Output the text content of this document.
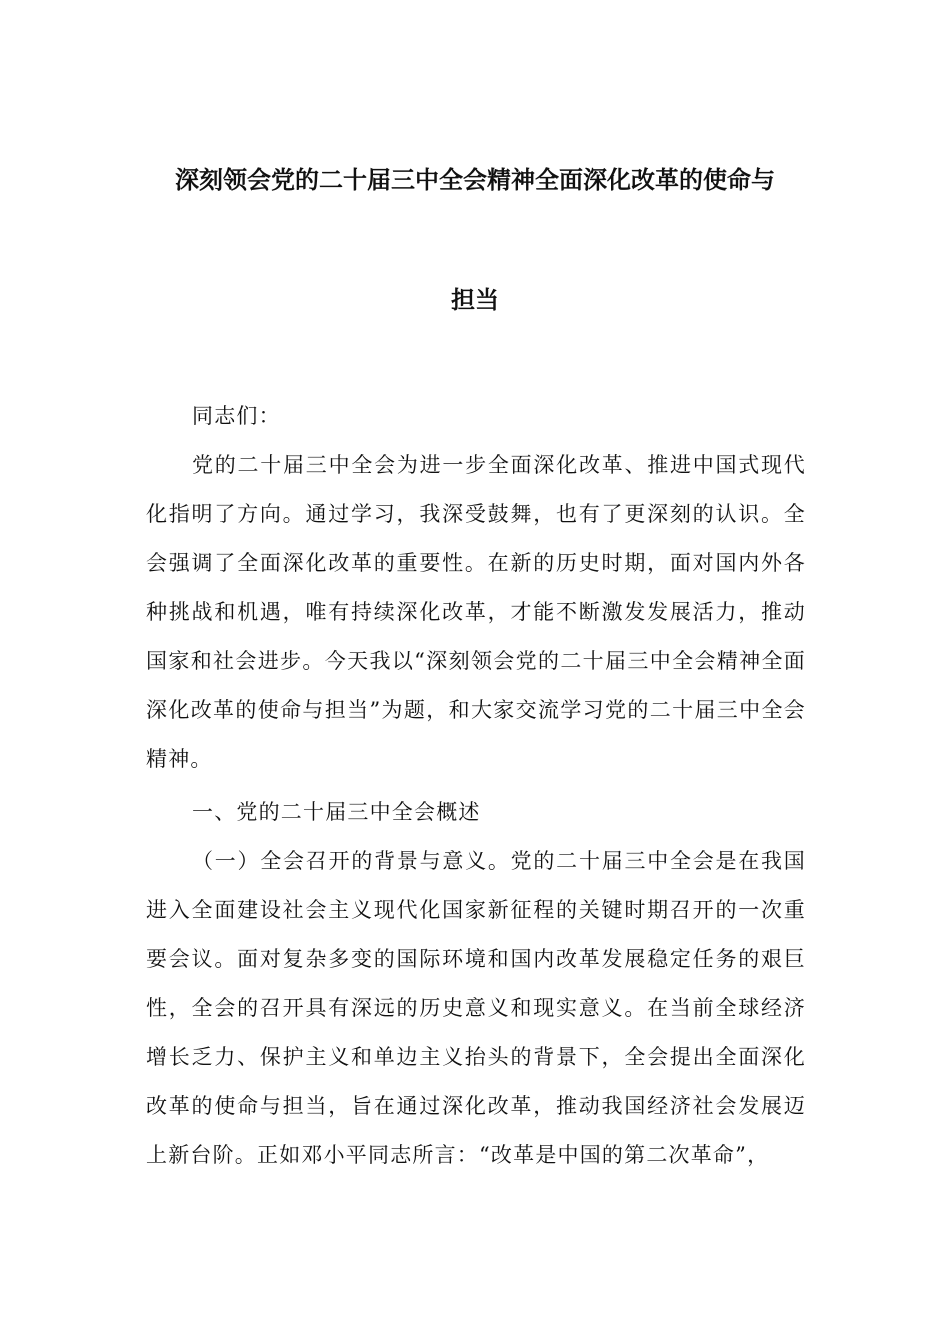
深刻领会党的二十届三中全会精神全面深化改革的使命与
担当
同志们：
党的二十届三中全会为进一步全面深化改革、推进中国式现代化指明了方向。通过学习，我深受鼓舞，也有了更深刻的认识。全会强调了全面深化改革的重要性。在新的历史时期，面对国内外各种挑战和机遇，唯有持续深化改革，才能不断激发发展活力，推动国家和社会进步。今天我以“深刻领会党的二十届三中全会精神全面深化改革的使命与担当”为题，和大家交流学习党的二十届三中全会精神。
一、党的二十届三中全会概述
（一）全会召开的背景与意义。党的二十届三中全会是在我国进入全面建设社会主义现代化国家新征程的关键时期召开的一次重要会议。面对复杂多变的国际环境和国内改革发展稳定任务的艰巨性，全会的召开具有深远的历史意义和现实意义。在当前全球经济增长乏力、保护主义和单边主义抬头的背景下，全会提出全面深化改革的使命与担当，旨在通过深化改革，推动我国经济社会发展迈上新台阶。正如邓小平同志所言：“改革是中国的第二次革命”，
